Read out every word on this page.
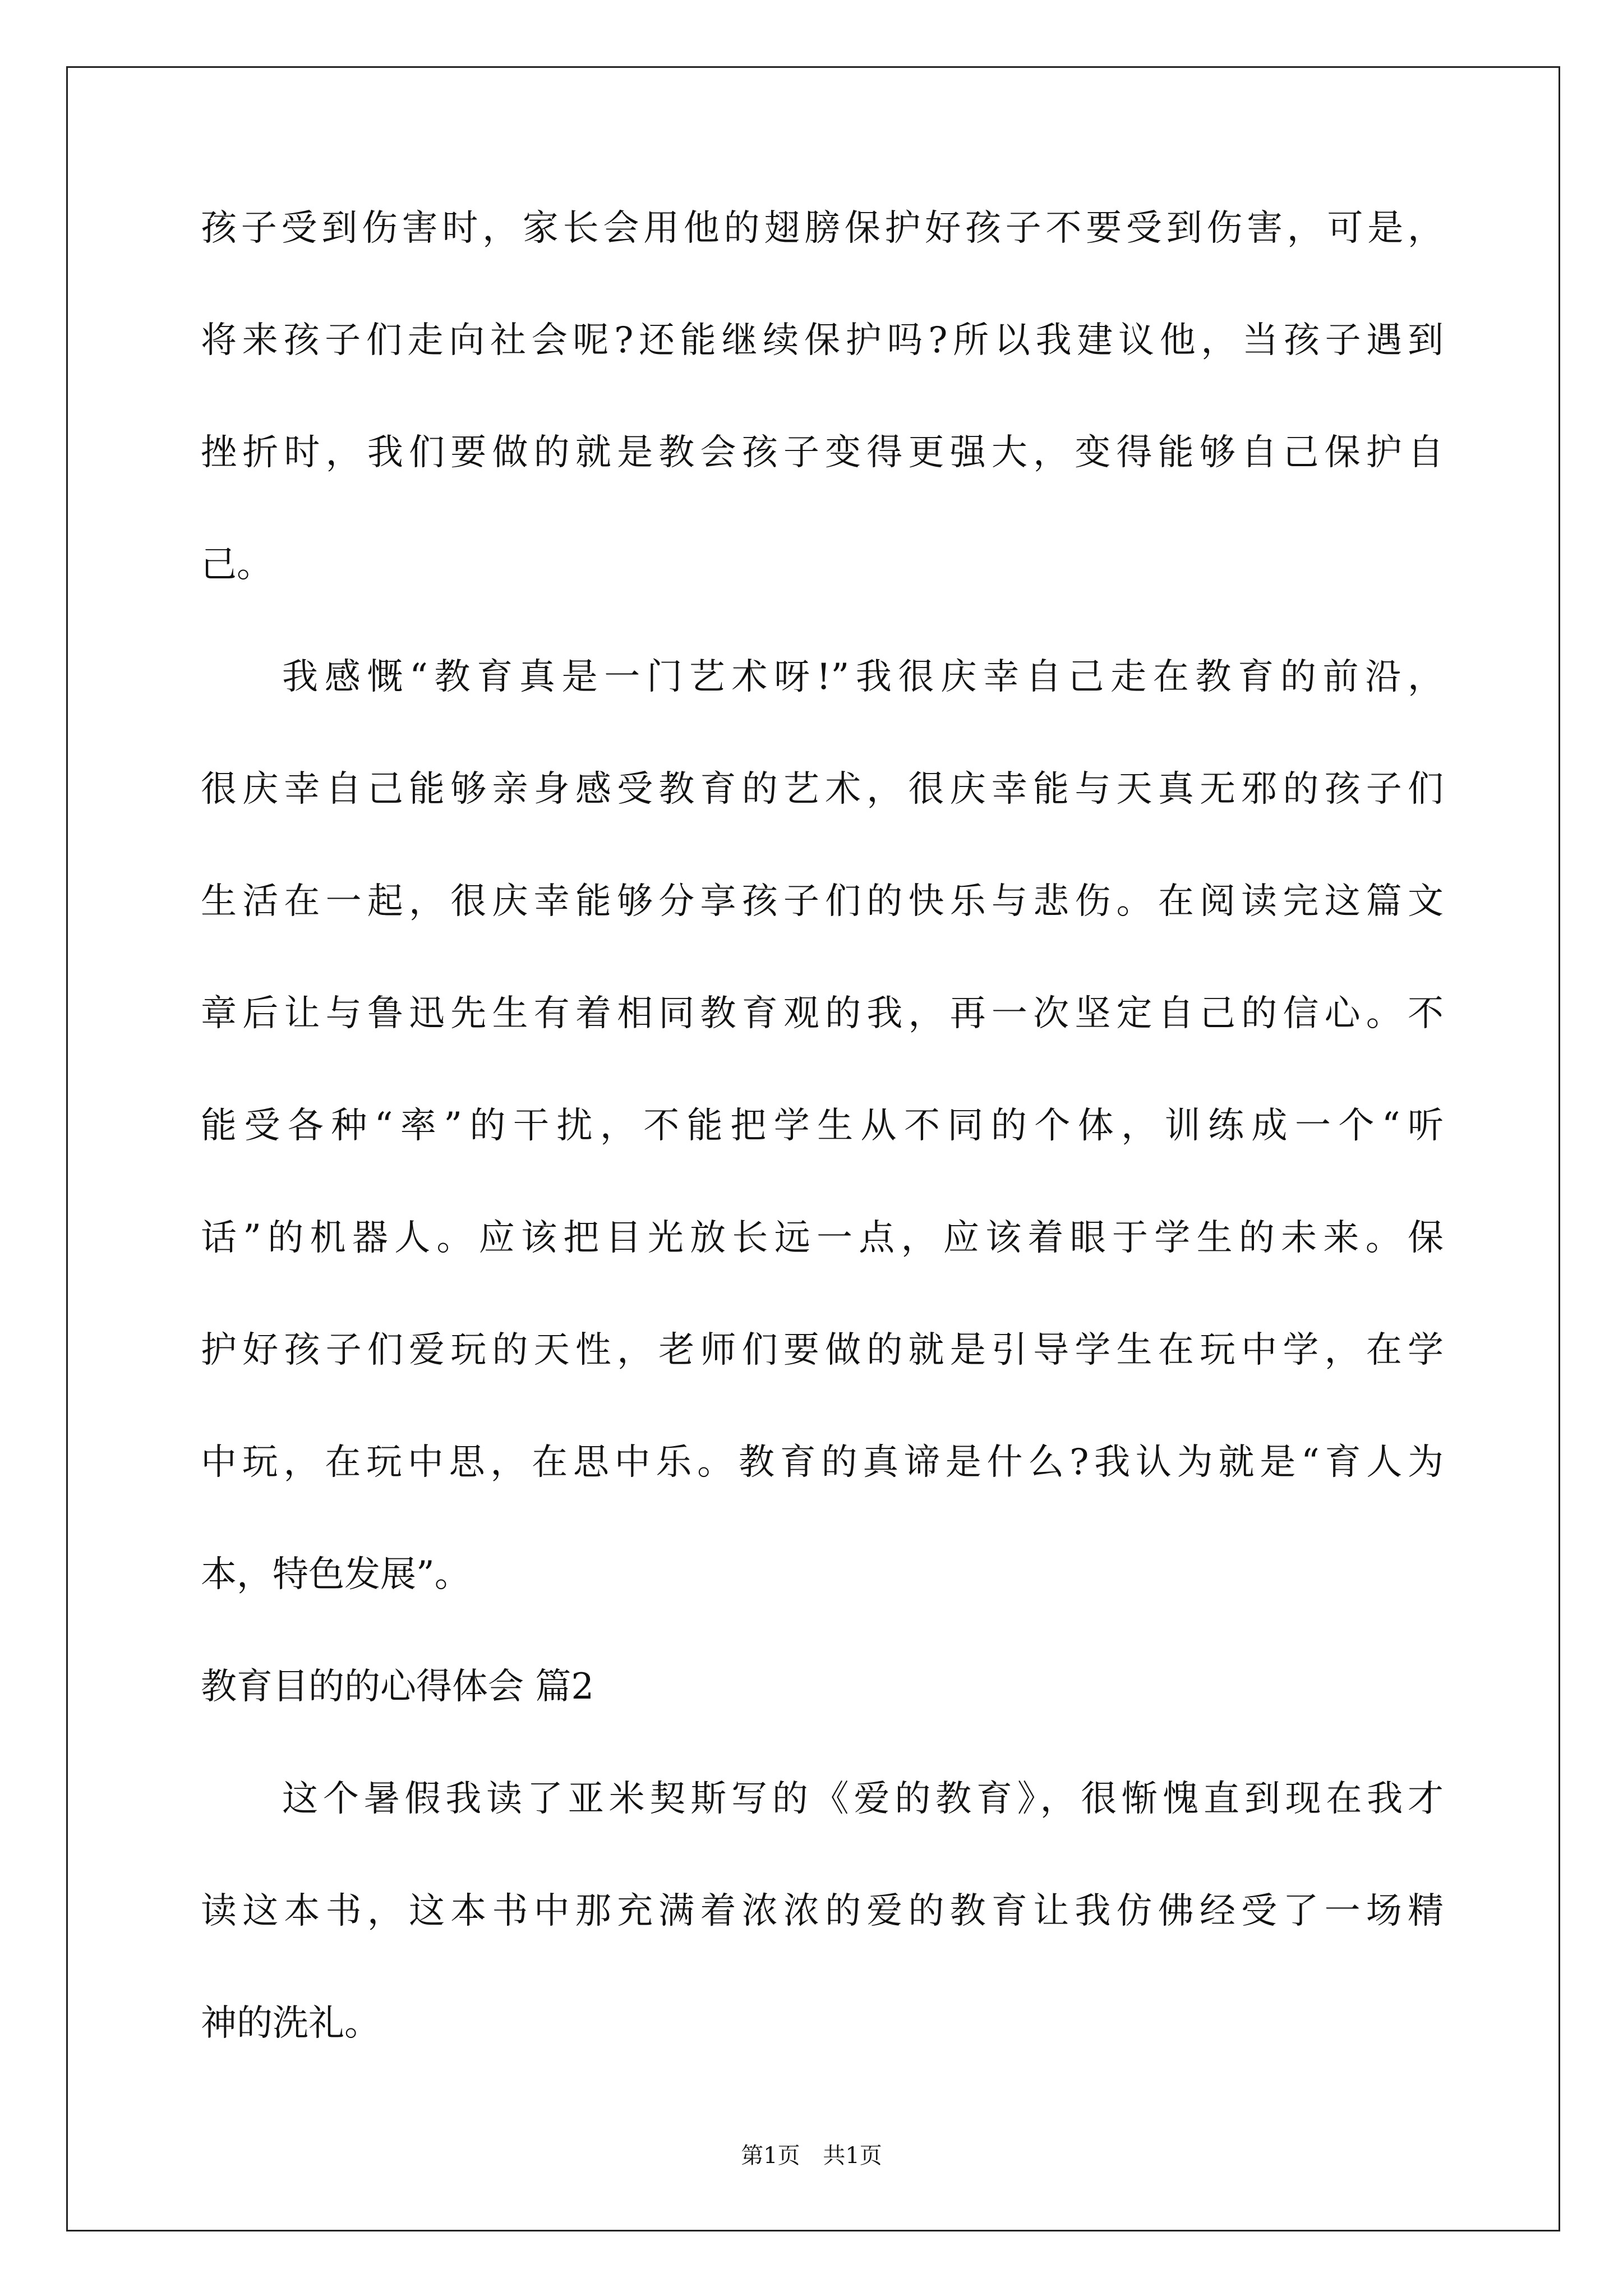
孩子受到伤害时，家长会用他的翅膀保护好孩子不要受到伤害，可是，
将来孩子们走向社会呢?还能继续保护吗?所以我建议他，当孩子遇到
挫折时，我们要做的就是教会孩子变得更强大，变得能够自己保护自
己。
我感慨“教育真是一门艺术呀!”我很庆幸自己走在教育的前沿，
很庆幸自己能够亲身感受教育的艺术，很庆幸能与天真无邪的孩子们
生活在一起，很庆幸能够分享孩子们的快乐与悲伤。在阅读完这篇文
章后让与鲁迅先生有着相同教育观的我，再一次坚定自己的信心。不
能受各种“率”的干扰，不能把学生从不同的个体，训练成一个“听
话”的机器人。应该把目光放长远一点，应该着眼于学生的未来。保
护好孩子们爱玩的天性，老师们要做的就是引导学生在玩中学，在学
中玩，在玩中思，在思中乐。教育的真谛是什么?我认为就是“育人为
本，特色发展”。
教育目的的心得体会 篇2
这个暑假我读了亚米契斯写的《爱的教育》，很惭愧直到现在我才
读这本书，这本书中那充满着浓浓的爱的教育让我仿佛经受了一场精
神的洗礼。
第1页 共1页
